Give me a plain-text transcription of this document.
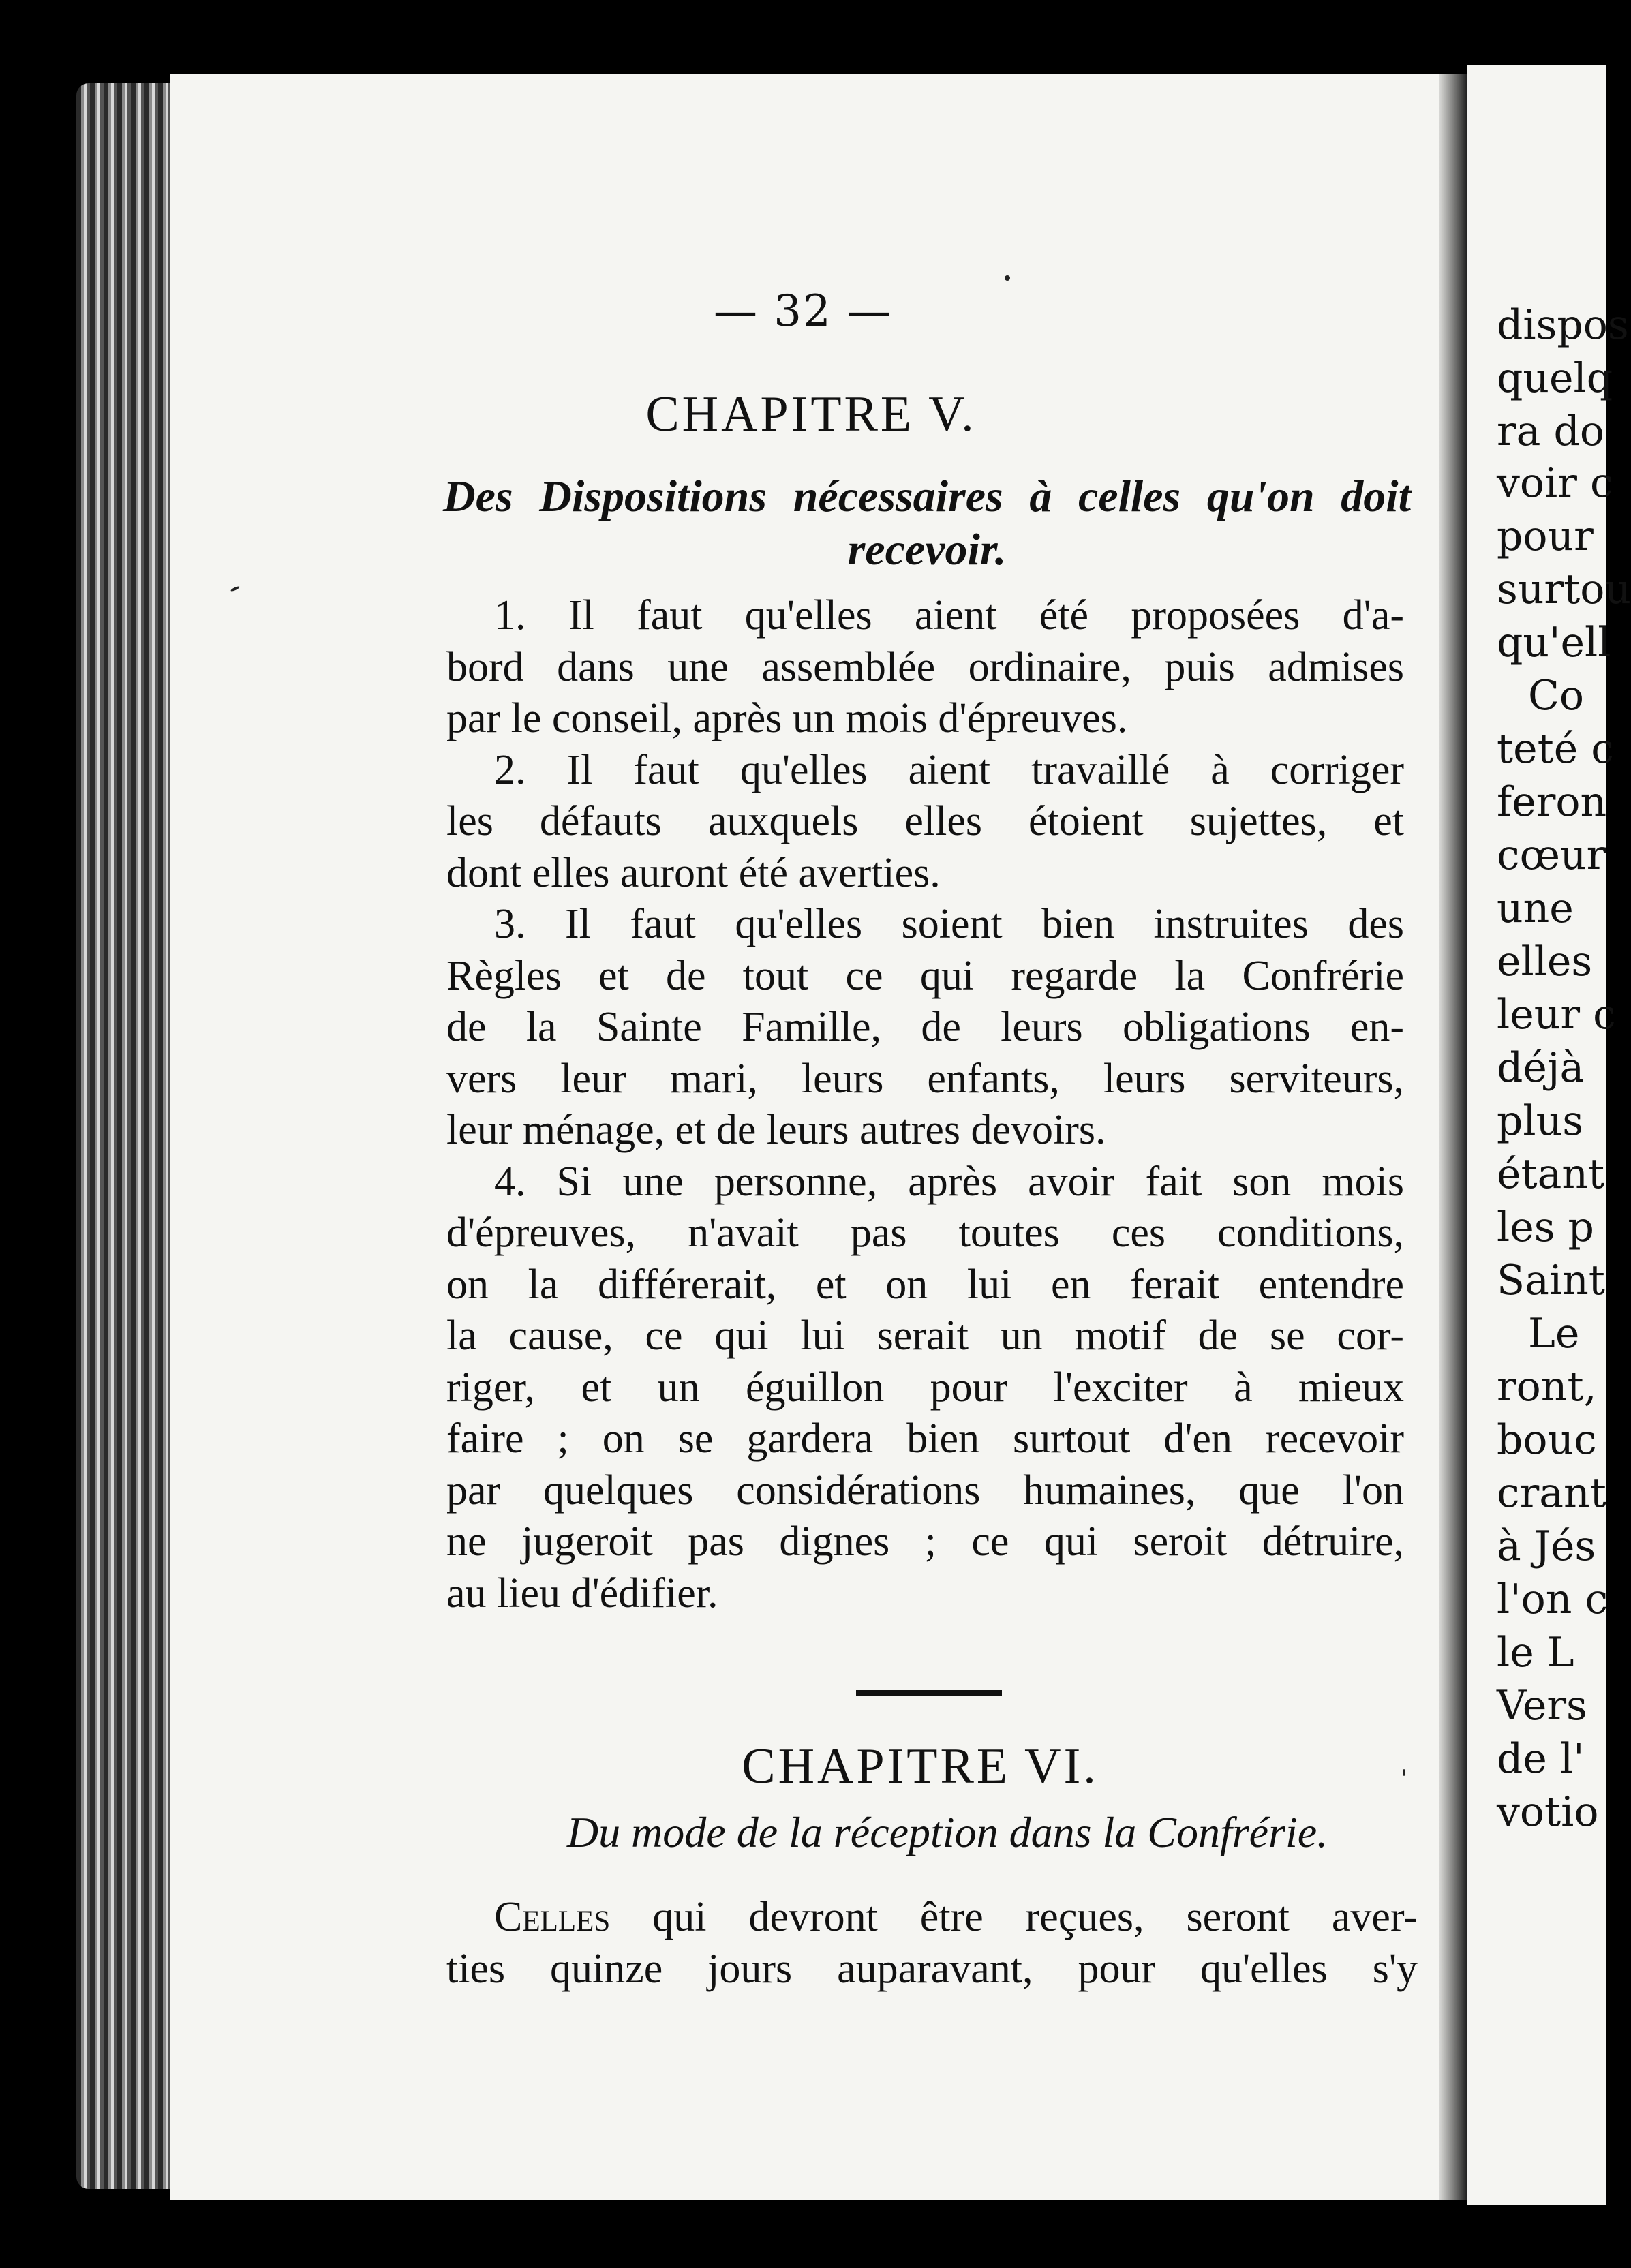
dispos
quelq
ra do
voir c
pour
surtou
qu'ell
Co
teté c
feron
cœur
une
elles
leur c
déjà
plus
étant
les p
Saint
Le
ront,
bouc
crant
à Jés
l'on c
le L
Vers
de l'
votio
— 32 —
CHAPITRE V.
Des Dispositions nécessaires à celles qu'on doit
recevoir.
1. Il faut qu'elles aient été proposées d'a-
bord dans une assemblée ordinaire, puis admises
par le conseil, après un mois d'épreuves.
2. Il faut qu'elles aient travaillé à corriger
les défauts auxquels elles étoient sujettes, et
dont elles auront été averties.
3. Il faut qu'elles soient bien instruites des
Règles et de tout ce qui regarde la Confrérie
de la Sainte Famille, de leurs obligations en-
vers leur mari, leurs enfants, leurs serviteurs,
leur ménage, et de leurs autres devoirs.
4. Si une personne, après avoir fait son mois
d'épreuves, n'avait pas toutes ces conditions,
on la différerait, et on lui en ferait entendre
la cause, ce qui lui serait un motif de se cor-
riger, et un éguillon pour l'exciter à mieux
faire ; on se gardera bien surtout d'en recevoir
par quelques considérations humaines, que l'on
ne jugeroit pas dignes ; ce qui seroit détruire,
au lieu d'édifier.
CHAPITRE VI.
Du mode de la réception dans la Confrérie.
Celles qui devront être reçues, seront aver-
ties quinze jours auparavant, pour qu'elles s'y
